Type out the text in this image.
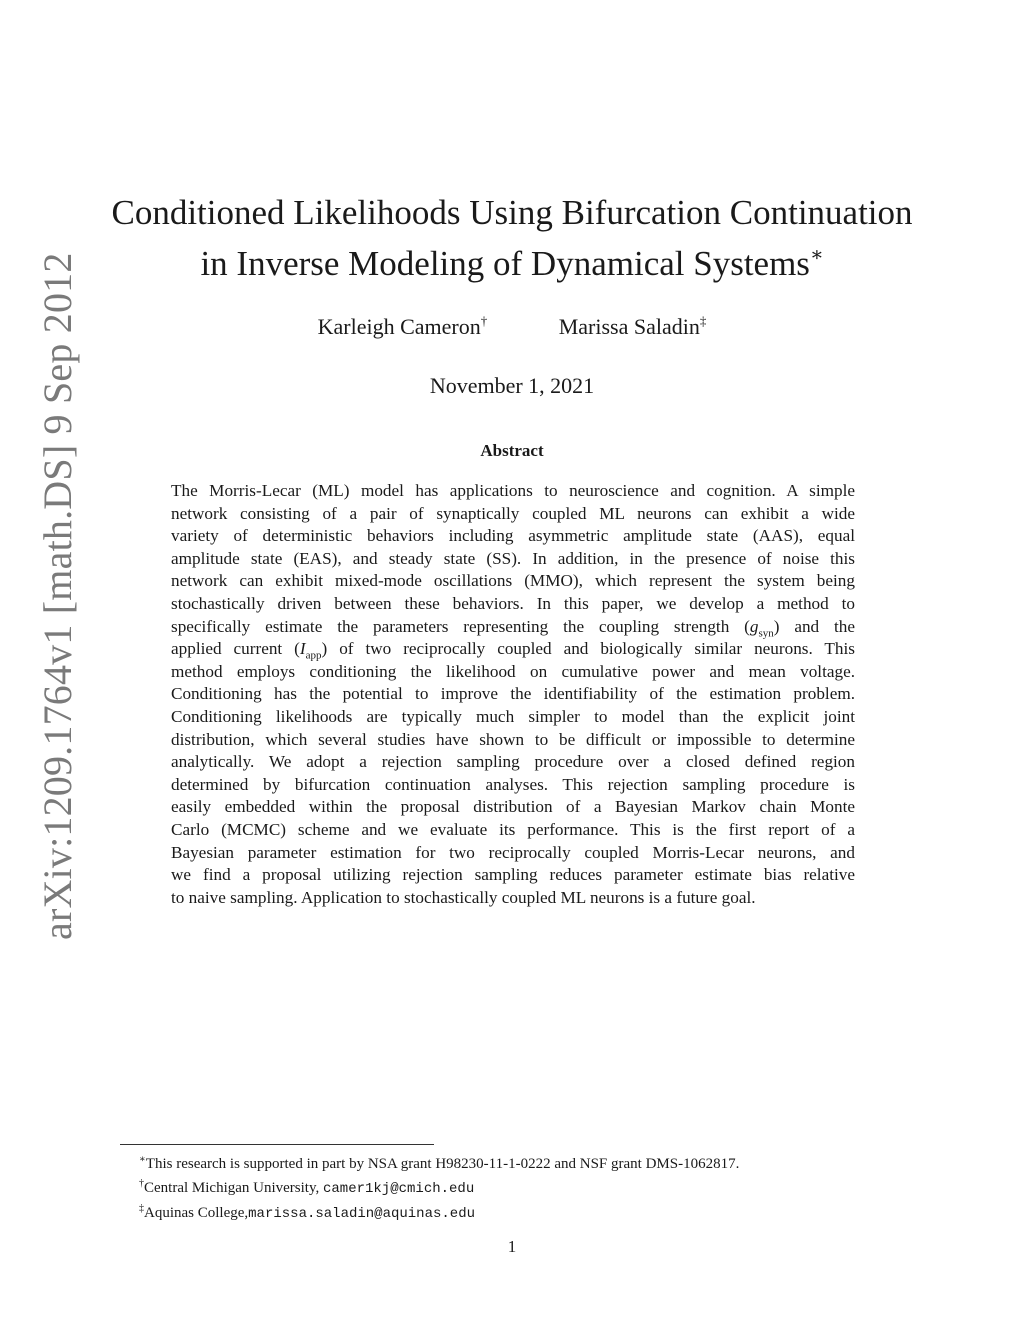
arXiv:1209.1764v1 [math.DS] 9 Sep 2012
Conditioned Likelihoods Using Bifurcation Continuation
in Inverse Modeling of Dynamical Systems∗
Karleigh Cameron†	Marissa Saladin‡
November 1, 2021
Abstract
The Morris-Lecar (ML) model has applications to neuroscience and cognition. A simple
network consisting of a pair of synaptically coupled ML neurons can exhibit a wide
variety of deterministic behaviors including asymmetric amplitude state (AAS), equal
amplitude state (EAS), and steady state (SS). In addition, in the presence of noise this
network can exhibit mixed-mode oscillations (MMO), which represent the system being
stochastically driven between these behaviors. In this paper, we develop a method to
specifically estimate the parameters representing the coupling strength $(g_{syn})$ and the
applied current $(I_{app})$ of two reciprocally coupled and biologically similar neurons. This
method employs conditioning the likelihood on cumulative power and mean voltage.
Conditioning has the potential to improve the identifiability of the estimation problem.
Conditioning likelihoods are typically much simpler to model than the explicit joint
distribution, which several studies have shown to be difficult or impossible to determine
analytically. We adopt a rejection sampling procedure over a closed defined region
determined by bifurcation continuation analyses. This rejection sampling procedure is
easily embedded within the proposal distribution of a Bayesian Markov chain Monte
Carlo (MCMC) scheme and we evaluate its performance. This is the first report of a
Bayesian parameter estimation for two reciprocally coupled Morris-Lecar neurons, and
we find a proposal utilizing rejection sampling reduces parameter estimate bias relative
to naive sampling. Application to stochastically coupled ML neurons is a future goal.
∗This research is supported in part by NSA grant H98230-11-1-0222 and NSF grant DMS-1062817.
†Central Michigan University, camer1kj@cmich.edu
‡Aquinas College,marissa.saladin@aquinas.edu
1
